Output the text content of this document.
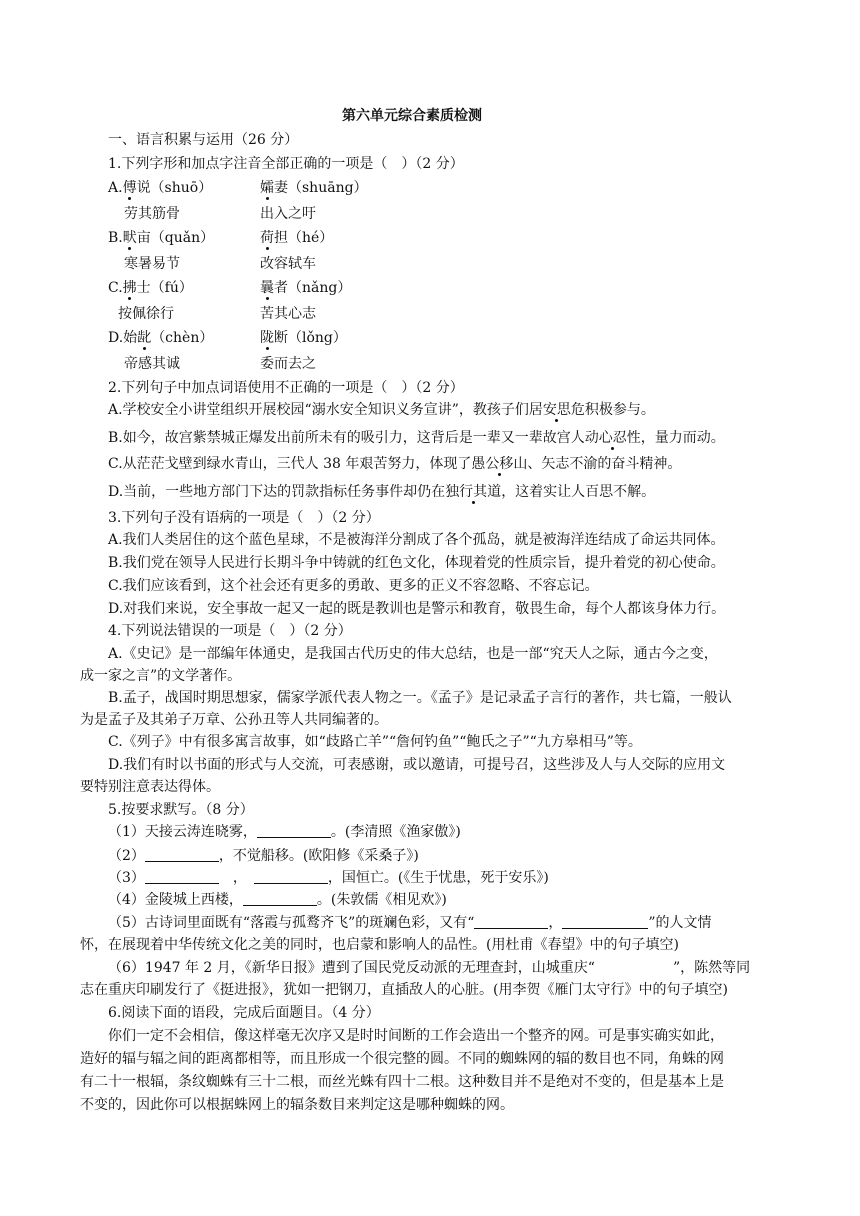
第六单元综合素质检测
一、语言积累与运用（26 分）
1.下列字形和加点字注音全部正确的一项是（　）（2 分）
A.傅说（shuō）	孀妻（shuāng）
劳其筋骨	出入之吁
B.畎亩（quǎn）	荷担（hé）
寒暑易节	改容轼车
C.拂士（fú）	曩者（nǎng）
按佩徐行	苦其心志
D.始龀（chèn）	陇断（lǒng）
帝感其诚	委而去之
2.下列句子中加点词语使用不正确的一项是（　）（2 分）
A.学校安全小讲堂组织开展校园“溺水安全知识义务宣讲”，教孩子们居安思危积极参与。
B.如今，故宫紫禁城正爆发出前所未有的吸引力，这背后是一辈又一辈故宫人动心忍性，量力而动。
C.从茫茫戈壁到绿水青山，三代人 38 年艰苦努力，体现了愚公移山、矢志不渝的奋斗精神。
D.当前，一些地方部门下达的罚款指标任务事件却仍在独行其道，这着实让人百思不解。
3.下列句子没有语病的一项是（　）（2 分）
A.我们人类居住的这个蓝色星球，不是被海洋分割成了各个孤岛，就是被海洋连结成了命运共同体。
B.我们党在领导人民进行长期斗争中铸就的红色文化，体现着党的性质宗旨，提升着党的初心使命。
C.我们应该看到，这个社会还有更多的勇敢、更多的正义不容忽略、不容忘记。
D.对我们来说，安全事故一起又一起的既是教训也是警示和教育，敬畏生命，每个人都该身体力行。
4.下列说法错误的一项是（　）（2 分）
A.《史记》是一部编年体通史，是我国古代历史的伟大总结，也是一部“究天人之际，通古今之变，
成一家之言”的文学著作。
B.孟子，战国时期思想家，儒家学派代表人物之一。《孟子》是记录孟子言行的著作，共七篇，一般认
为是孟子及其弟子万章、公孙丑等人共同编著的。
C.《列子》中有很多寓言故事，如“歧路亡羊”“詹何钓鱼”“鲍氏之子”“九方皋相马”等。
D.我们有时以书面的形式与人交流，可表感谢，或以邀请，可提号召，这些涉及人与人交际的应用文
要特别注意表达得体。
5.按要求默写。（8 分）
（1）天接云涛连晓雾，	。(李清照《渔家傲》)
（2）	，不觉船移。(欧阳修《采桑子》)
（3）	　，　	，国恒亡。(《生于忧患，死于安乐》)
（4）金陵城上西楼，	。(朱敦儒《相见欢》)
（5）古诗词里面既有“落霞与孤鹜齐飞”的斑斓色彩，又有“	，	”的人文情
怀，在展现着中华传统文化之美的同时，也启蒙和影响人的品性。(用杜甫《春望》中的句子填空)
（6）1947 年 2 月，《新华日报》遭到了国民党反动派的无理查封，山城重庆“	”，陈然等同
志在重庆印刷发行了《挺进报》，犹如一把钢刀，直插敌人的心脏。(用李贺《雁门太守行》中的句子填空)
6.阅读下面的语段，完成后面题目。（4 分）
你们一定不会相信，像这样毫无次序又是时时间断的工作会造出一个整齐的网。可是事实确实如此，
造好的辐与辐之间的距离都相等，而且形成一个很完整的圆。不同的蜘蛛网的辐的数目也不同，角蛛的网
有二十一根辐，条纹蜘蛛有三十二根，而丝光蛛有四十二根。这种数目并不是绝对不变的，但是基本上是
不变的，因此你可以根据蛛网上的辐条数目来判定这是哪种蜘蛛的网。
